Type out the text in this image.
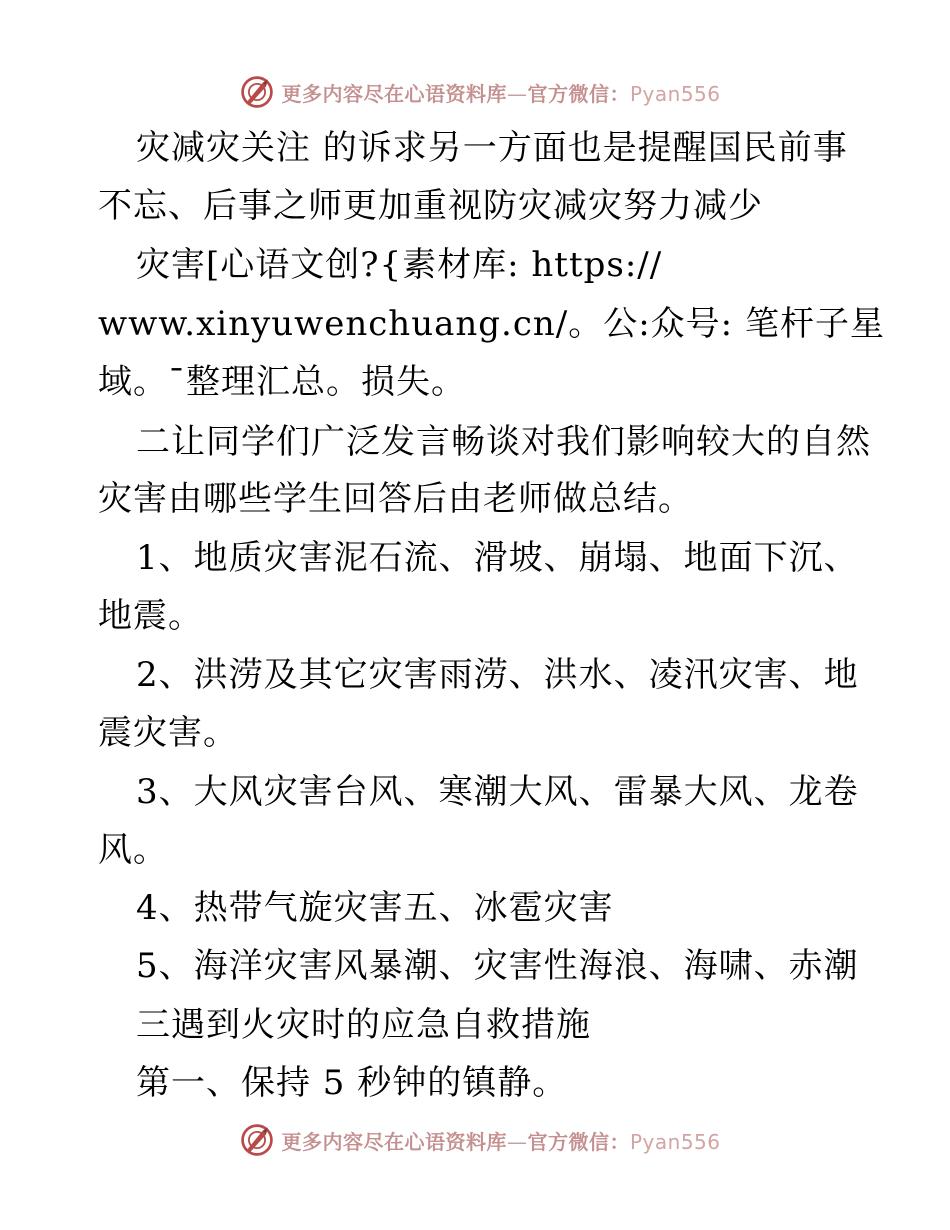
更多内容尽在心语资料库—官方微信：Pyan556
灾减灾关注 的诉求另一方面也是提醒国民前事
不忘、后事之师更加重视防灾减灾努力减少
灾害[心语文创?{素材库: https://
www.xinyuwenchuang.cn/。公:众号: 笔杆子星
域。¯整理汇总。损失。
二让同学们广泛发言畅谈对我们影响较大的自然
灾害由哪些学生回答后由老师做总结。
1、地质灾害泥石流、滑坡、崩塌、地面下沉、
地震。
2、洪涝及其它灾害雨涝、洪水、凌汛灾害、地
震灾害。
3、大风灾害台风、寒潮大风、雷暴大风、龙卷
风。
4、热带气旋灾害五、冰雹灾害
5、海洋灾害风暴潮、灾害性海浪、海啸、赤潮
三遇到火灾时的应急自救措施
第一、保持 5 秒钟的镇静。
更多内容尽在心语资料库—官方微信：Pyan556
